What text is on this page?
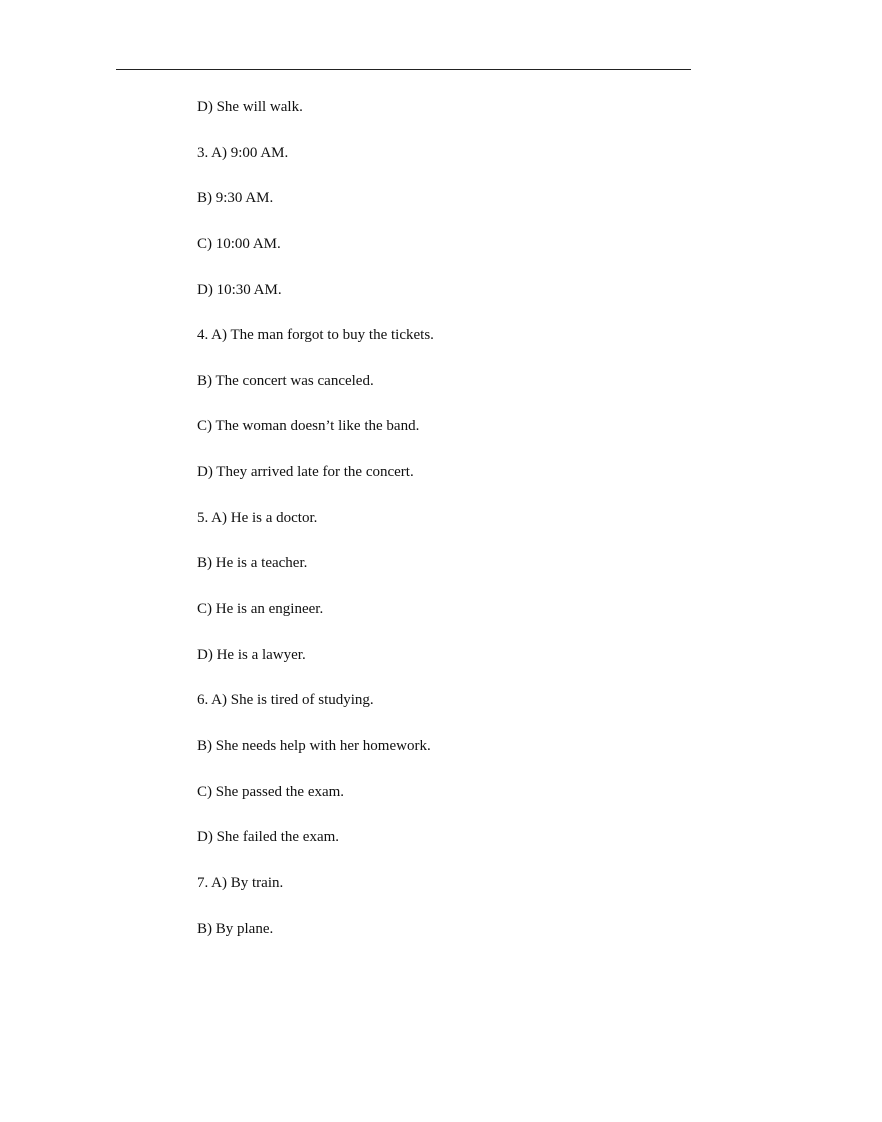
D) She will walk.
3. A) 9:00 AM.
B) 9:30 AM.
C) 10:00 AM.
D) 10:30 AM.
4. A) The man forgot to buy the tickets.
B) The concert was canceled.
C) The woman doesn’t like the band.
D) They arrived late for the concert.
5. A) He is a doctor.
B) He is a teacher.
C) He is an engineer.
D) He is a lawyer.
6. A) She is tired of studying.
B) She needs help with her homework.
C) She passed the exam.
D) She failed the exam.
7. A) By train.
B) By plane.
